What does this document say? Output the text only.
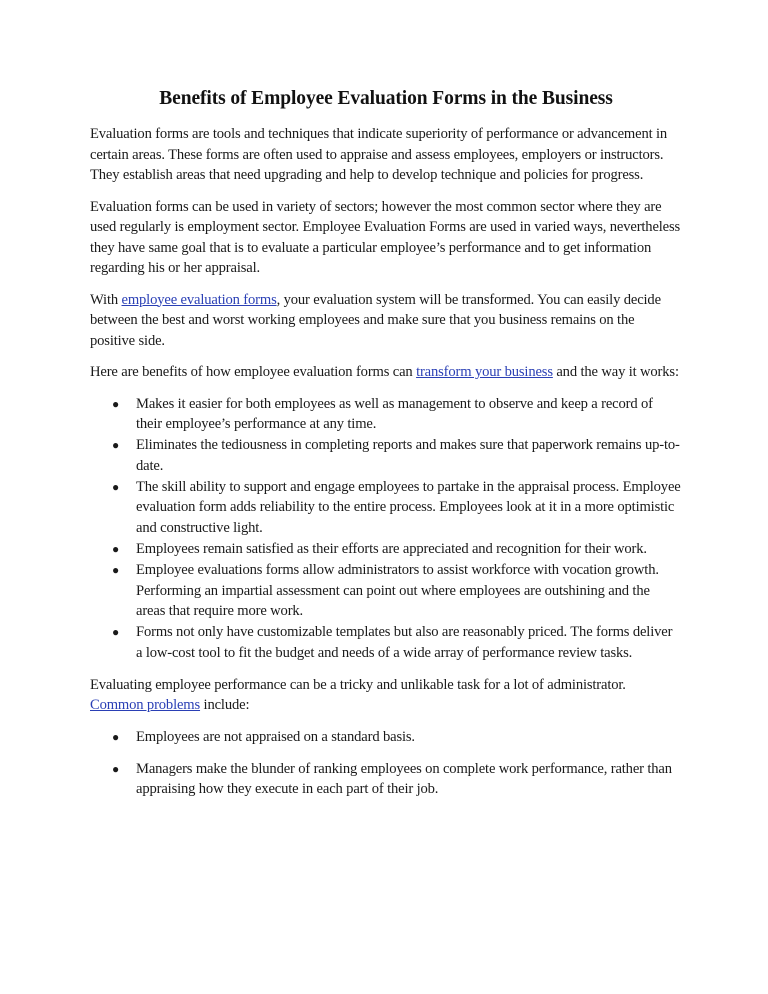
Benefits of Employee Evaluation Forms in the Business

Evaluation forms are tools and techniques that indicate superiority of performance or advancement in certain areas. These forms are often used to appraise and assess employees, employers or instructors. They establish areas that need upgrading and help to develop technique and policies for progress.

Evaluation forms can be used in variety of sectors; however the most common sector where they are used regularly is employment sector. Employee Evaluation Forms are used in varied ways, nevertheless they have same goal that is to evaluate a particular employee’s performance and to get information regarding his or her appraisal.

With employee evaluation forms, your evaluation system will be transformed. You can easily decide between the best and worst working employees and make sure that you business remains on the positive side.

Here are benefits of how employee evaluation forms can transform your business and the way it works:

● Makes it easier for both employees as well as management to observe and keep a record of their employee’s performance at any time.
● Eliminates the tediousness in completing reports and makes sure that paperwork remains up-to-date.
● The skill ability to support and engage employees to partake in the appraisal process. Employee evaluation form adds reliability to the entire process. Employees look at it in a more optimistic and constructive light.
● Employees remain satisfied as their efforts are appreciated and recognition for their work.
● Employee evaluations forms allow administrators to assist workforce with vocation growth. Performing an impartial assessment can point out where employees are outshining and the areas that require more work.
● Forms not only have customizable templates but also are reasonably priced. The forms deliver a low-cost tool to fit the budget and needs of a wide array of performance review tasks.

Evaluating employee performance can be a tricky and unlikable task for a lot of administrator. Common problems include:

● Employees are not appraised on a standard basis.
● Managers make the blunder of ranking employees on complete work performance, rather than appraising how they execute in each part of their job.
